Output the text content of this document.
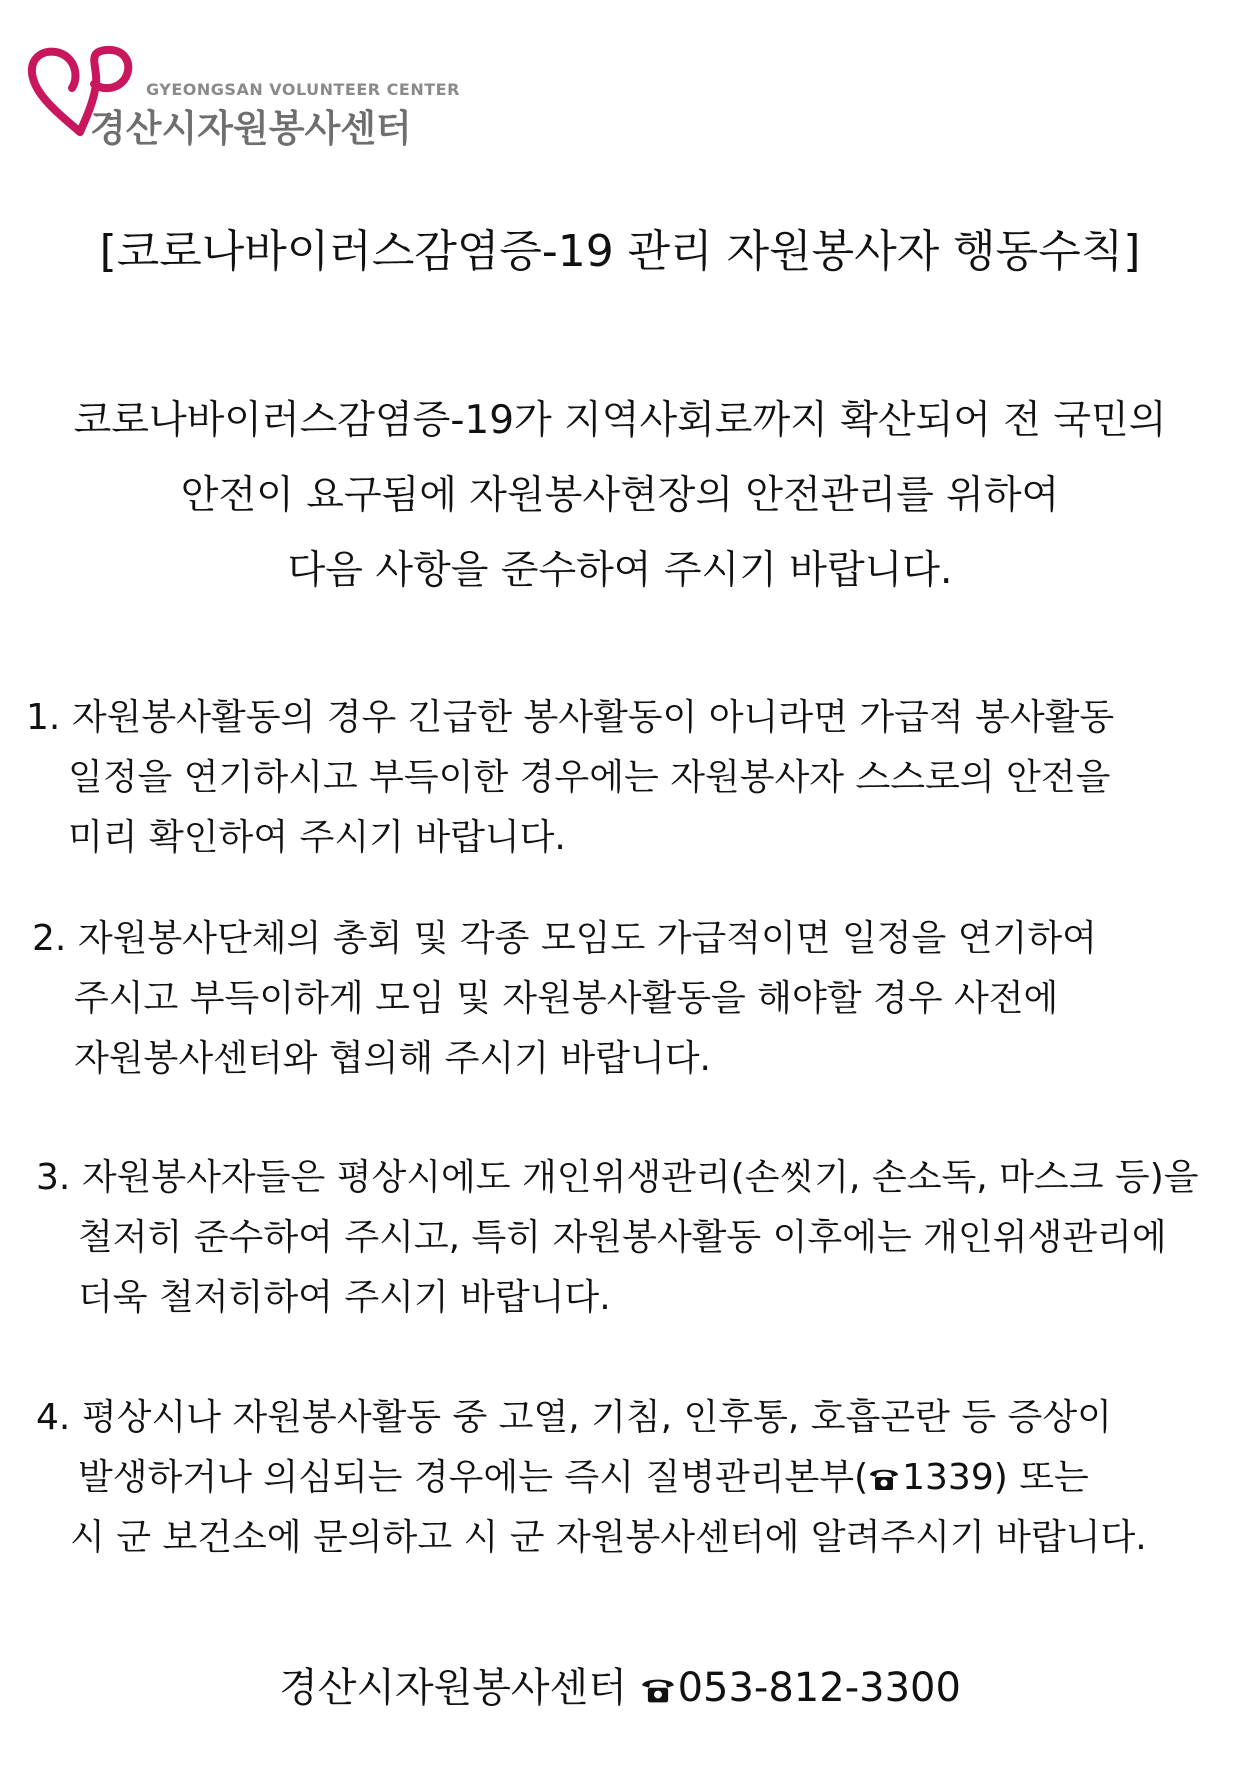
GYEONGSAN VOLUNTEER CENTER
경산시자원봉사센터
[코로나바이러스감염증-19 관리 자원봉사자 행동수칙]
코로나바이러스감염증-19가 지역사회로까지 확산되어 전 국민의
안전이 요구됨에 자원봉사현장의 안전관리를 위하여
다음 사항을 준수하여 주시기 바랍니다.
1. 자원봉사활동의 경우 긴급한 봉사활동이 아니라면 가급적 봉사활동
일정을 연기하시고 부득이한 경우에는 자원봉사자 스스로의 안전을
미리 확인하여 주시기 바랍니다.
2. 자원봉사단체의 총회 및 각종 모임도 가급적이면 일정을 연기하여
주시고 부득이하게 모임 및 자원봉사활동을 해야할 경우 사전에
자원봉사센터와 협의해 주시기 바랍니다.
3. 자원봉사자들은 평상시에도 개인위생관리(손씻기, 손소독, 마스크 등)을
철저히 준수하여 주시고, 특히 자원봉사활동 이후에는 개인위생관리에
더욱 철저히하여 주시기 바랍니다.
4. 평상시나 자원봉사활동 중 고열, 기침, 인후통, 호흡곤란 등 증상이
발생하거나 의심되는 경우에는 즉시 질병관리본부( 1339) 또는
시 군 보건소에 문의하고 시 군 자원봉사센터에 알려주시기 바랍니다.
경산시자원봉사센터 053-812-3300
